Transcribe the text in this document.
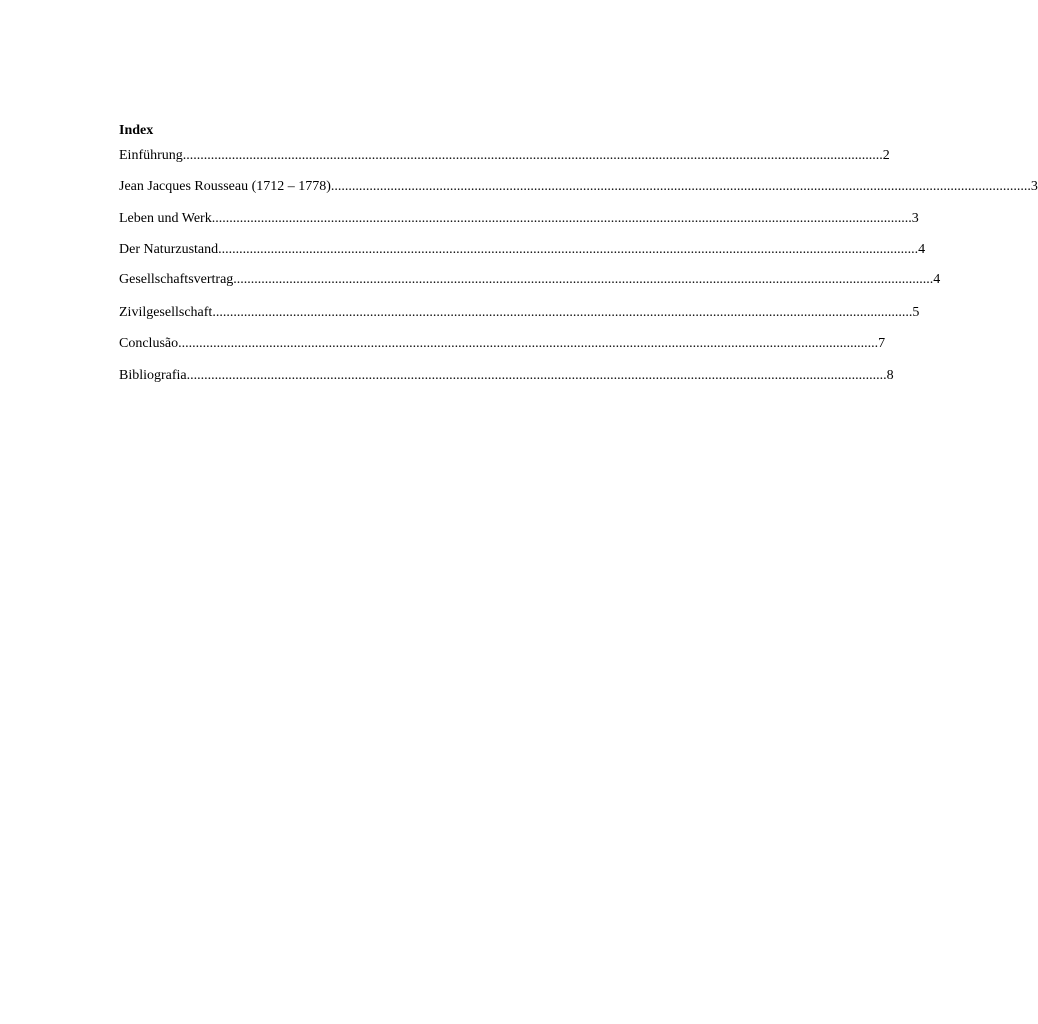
Index
Einführung ........................................................................................................................................................................................................ 2
Jean Jacques Rousseau (1712 – 1778) ........................................................................................................................................................................................................ 3
Leben und Werk ........................................................................................................................................................................................................ 3
Der Naturzustand ........................................................................................................................................................................................................ 4
Gesellschaftsvertrag ........................................................................................................................................................................................................ 4
Zivilgesellschaft ........................................................................................................................................................................................................ 5
Conclusão ........................................................................................................................................................................................................ 7
Bibliografia ........................................................................................................................................................................................................ 8
